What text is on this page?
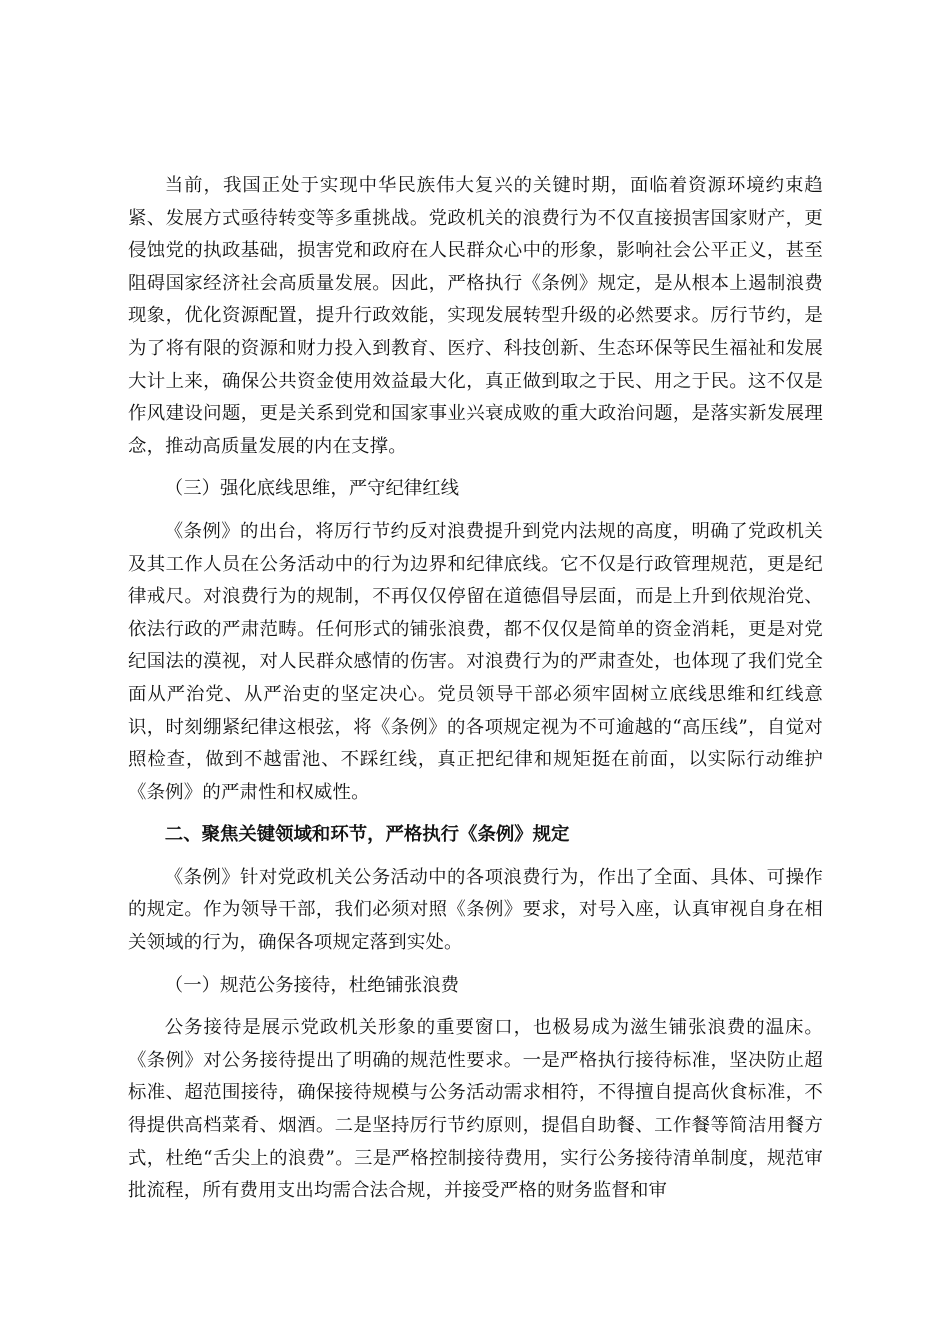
当前，我国正处于实现中华民族伟大复兴的关键时期，面临着资源环境约束趋紧、发展方式亟待转变等多重挑战。党政机关的浪费行为不仅直接损害国家财产，更侵蚀党的执政基础，损害党和政府在人民群众心中的形象，影响社会公平正义，甚至阻碍国家经济社会高质量发展。因此，严格执行《条例》规定，是从根本上遏制浪费现象，优化资源配置，提升行政效能，实现发展转型升级的必然要求。厉行节约，是为了将有限的资源和财力投入到教育、医疗、科技创新、生态环保等民生福祉和发展大计上来，确保公共资金使用效益最大化，真正做到取之于民、用之于民。这不仅是作风建设问题，更是关系到党和国家事业兴衰成败的重大政治问题，是落实新发展理念，推动高质量发展的内在支撑。

（三）强化底线思维，严守纪律红线

《条例》的出台，将厉行节约反对浪费提升到党内法规的高度，明确了党政机关及其工作人员在公务活动中的行为边界和纪律底线。它不仅是行政管理规范，更是纪律戒尺。对浪费行为的规制，不再仅仅停留在道德倡导层面，而是上升到依规治党、依法行政的严肃范畴。任何形式的铺张浪费，都不仅仅是简单的资金消耗，更是对党纪国法的漠视，对人民群众感情的伤害。对浪费行为的严肃查处，也体现了我们党全面从严治党、从严治吏的坚定决心。党员领导干部必须牢固树立底线思维和红线意识，时刻绷紧纪律这根弦，将《条例》的各项规定视为不可逾越的“高压线”，自觉对照检查，做到不越雷池、不踩红线，真正把纪律和规矩挺在前面，以实际行动维护《条例》的严肃性和权威性。

二、聚焦关键领域和环节，严格执行《条例》规定

《条例》针对党政机关公务活动中的各项浪费行为，作出了全面、具体、可操作的规定。作为领导干部，我们必须对照《条例》要求，对号入座，认真审视自身在相关领域的行为，确保各项规定落到实处。

（一）规范公务接待，杜绝铺张浪费

公务接待是展示党政机关形象的重要窗口，也极易成为滋生铺张浪费的温床。《条例》对公务接待提出了明确的规范性要求。一是严格执行接待标准，坚决防止超标准、超范围接待，确保接待规模与公务活动需求相符，不得擅自提高伙食标准，不得提供高档菜肴、烟酒。二是坚持厉行节约原则，提倡自助餐、工作餐等简洁用餐方式，杜绝“舌尖上的浪费”。三是严格控制接待费用，实行公务接待清单制度，规范审批流程，所有费用支出均需合法合规，并接受严格的财务监督和审
